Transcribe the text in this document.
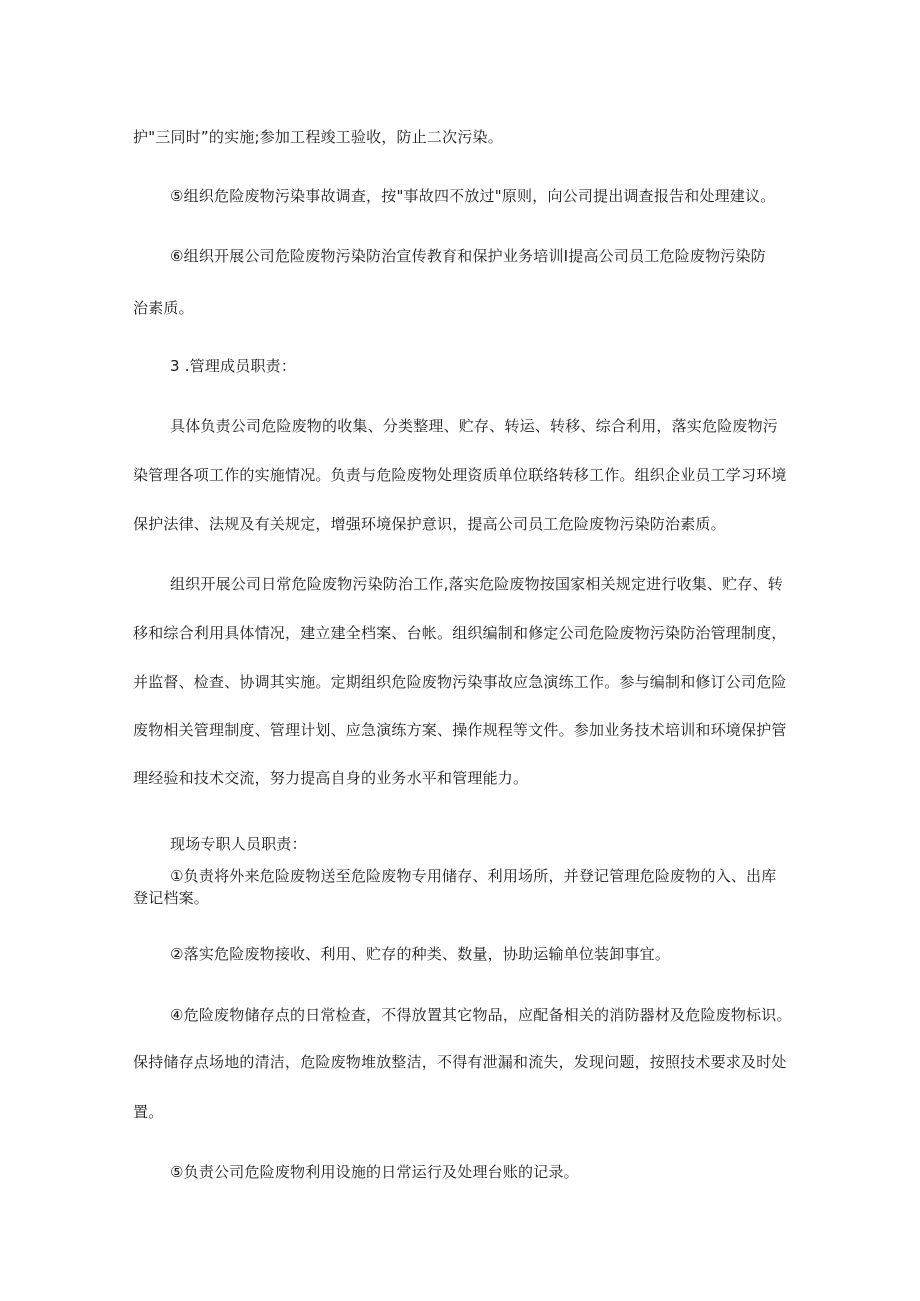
护"三同时”的实施;参加工程竣工验收，防止二次污染。
⑤组织危险废物污染事故调查，按"事故四不放过"原则，向公司提出调查报告和处理建议。
⑥组织开展公司危险废物污染防治宣传教育和保护业务培训Ⅰ提高公司员工危险废物污染防
治素质。
3 .管理成员职责：
具体负责公司危险废物的收集、分类整理、贮存、转运、转移、综合利用，落实危险废物污
染管理各项工作的实施情况。负责与危险废物处理资质单位联络转移工作。组织企业员工学习环境
保护法律、法规及有关规定，增强环境保护意识，提高公司员工危险废物污染防治素质。
组织开展公司日常危险废物污染防治工作,落实危险废物按国家相关规定进行收集、贮存、转
移和综合利用具体情况，建立建全档案、台帐。组织编制和修定公司危险废物污染防治管理制度，
并监督、检查、协调其实施。定期组织危险废物污染事故应急演练工作。参与编制和修订公司危险
废物相关管理制度、管理计划、应急演练方案、操作规程等文件。参加业务技术培训和环境保护管
理经验和技术交流，努力提高自身的业务水平和管理能力。
现场专职人员职责：
①负责将外来危险废物送至危险废物专用储存、利用场所，并登记管理危险废物的入、出库
登记档案。
②落实危险废物接收、利用、贮存的种类、数量，协助运输单位装卸事宜。
④危险废物储存点的日常检查，不得放置其它物品，应配备相关的消防器材及危险废物标识。
保持储存点场地的清洁，危险废物堆放整洁，不得有泄漏和流失，发现问题，按照技术要求及时处
置。
⑤负责公司危险废物利用设施的日常运行及处理台账的记录。
